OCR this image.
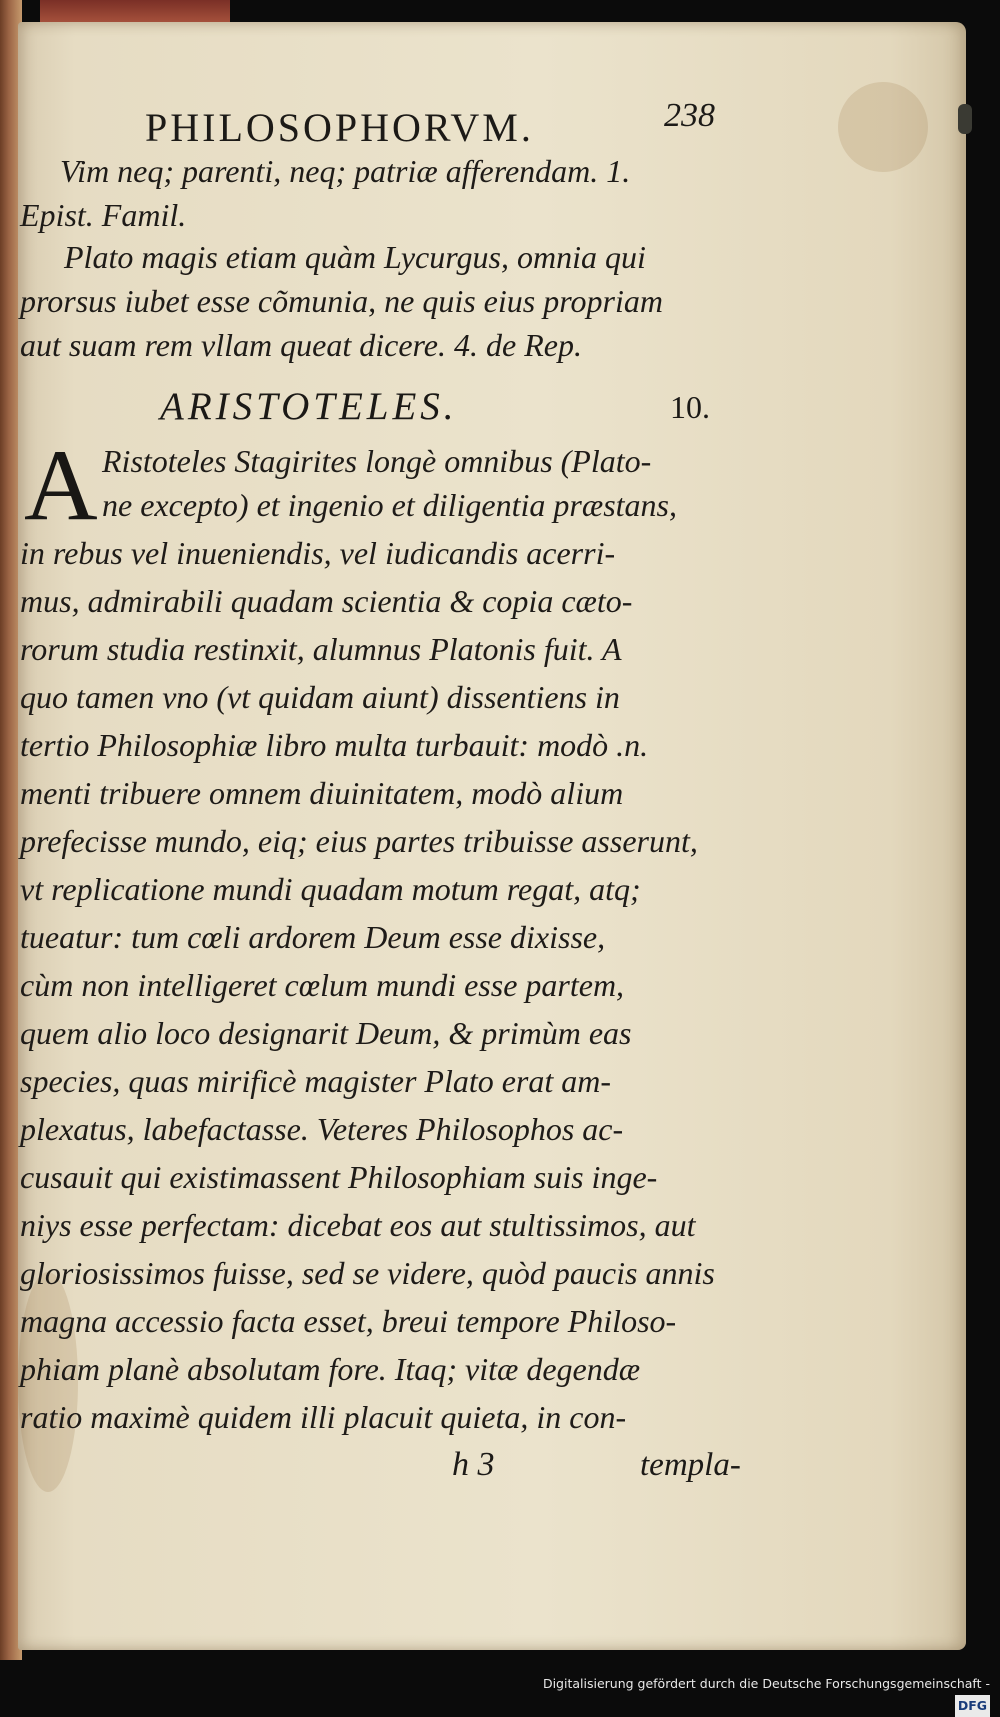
PHILOSOPHORVM.	238
Vim neq; parenti, neq; patriæ afferendam. 1.
Epist. Famil.
Plato magis etiam quàm Lycurgus, omnia qui
prorsus iubet esse cõmunia, ne quis eius propriam
aut suam rem vllam queat dicere. 4. de Rep.
ARISTOTELES.	10.
A Ristoteles Stagirites longè omnibus (Plato-
ne excepto) et ingenio et diligentia præstans,
in rebus vel inueniendis, vel iudicandis acerri-
mus, admirabili quadam scientia & copia cæto-
rorum studia restinxit, alumnus Platonis fuit. A
quo tamen vno (vt quidam aiunt) dissentiens in
tertio Philosophiæ libro multa turbauit: modò .n.
menti tribuere omnem diuinitatem, modò alium
prefecisse mundo, eiq; eius partes tribuisse asserunt,
vt replicatione mundi quadam motum regat, atq;
tueatur: tum cœli ardorem Deum esse dixisse,
cùm non intelligeret cœlum mundi esse partem,
quem alio loco designarit Deum, & primùm eas
species, quas mirificè magister Plato erat am-
plexatus, labefactasse. Veteres Philosophos ac-
cusauit qui existimassent Philosophiam suis inge-
niys esse perfectam: dicebat eos aut stultissimos, aut
gloriosissimos fuisse, sed se videre, quòd paucis annis
magna accessio facta esset, breui tempore Philoso-
phiam planè absolutam fore. Itaq; vitæ degendæ
ratio maximè quidem illi placuit quieta, in con-
h 3	templa-
Digitalisierung gefördert durch die Deutsche Forschungsgemeinschaft -DFG
